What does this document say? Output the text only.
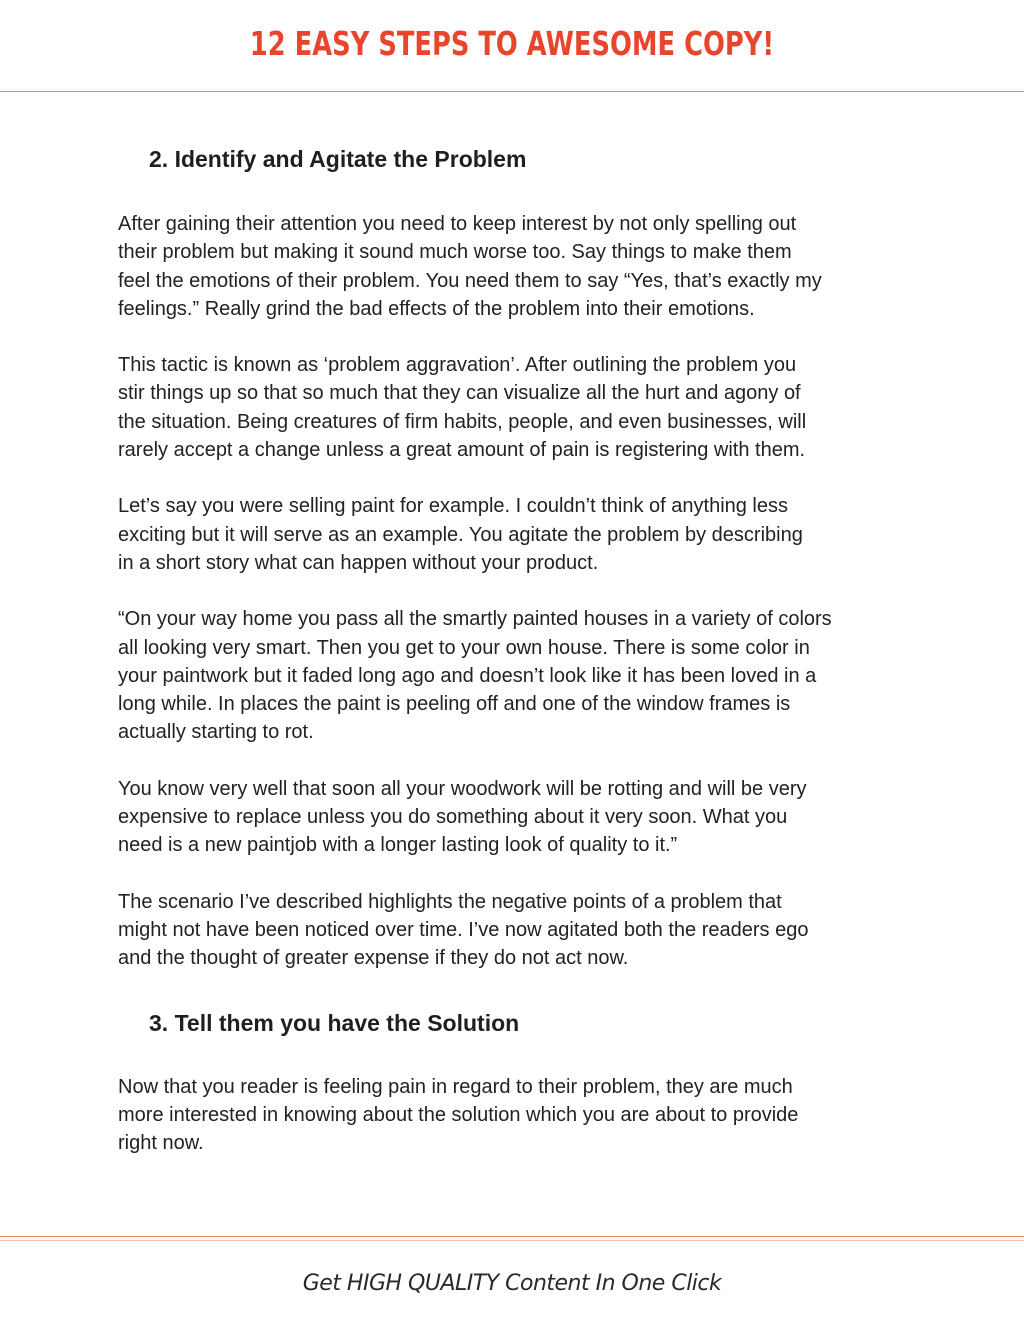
12 EASY STEPS TO AWESOME COPY!
2. Identify and Agitate the Problem

After gaining their attention you need to keep interest by not only spelling out
their problem but making it sound much worse too. Say things to make them
feel the emotions of their problem. You need them to say “Yes, that’s exactly my
feelings.” Really grind the bad effects of the problem into their emotions.

This tactic is known as ‘problem aggravation’. After outlining the problem you
stir things up so that so much that they can visualize all the hurt and agony of
the situation. Being creatures of firm habits, people, and even businesses, will
rarely accept a change unless a great amount of pain is registering with them.

Let’s say you were selling paint for example. I couldn’t think of anything less
exciting but it will serve as an example. You agitate the problem by describing
in a short story what can happen without your product.

“On your way home you pass all the smartly painted houses in a variety of colors
all looking very smart. Then you get to your own house. There is some color in
your paintwork but it faded long ago and doesn’t look like it has been loved in a
long while. In places the paint is peeling off and one of the window frames is
actually starting to rot.

You know very well that soon all your woodwork will be rotting and will be very
expensive to replace unless you do something about it very soon. What you
need is a new paintjob with a longer lasting look of quality to it.”

The scenario I’ve described highlights the negative points of a problem that
might not have been noticed over time. I’ve now agitated both the readers ego
and the thought of greater expense if they do not act now.

3. Tell them you have the Solution

Now that you reader is feeling pain in regard to their problem, they are much
more interested in knowing about the solution which you are about to provide
right now.

Get HIGH QUALITY Content In One Click
